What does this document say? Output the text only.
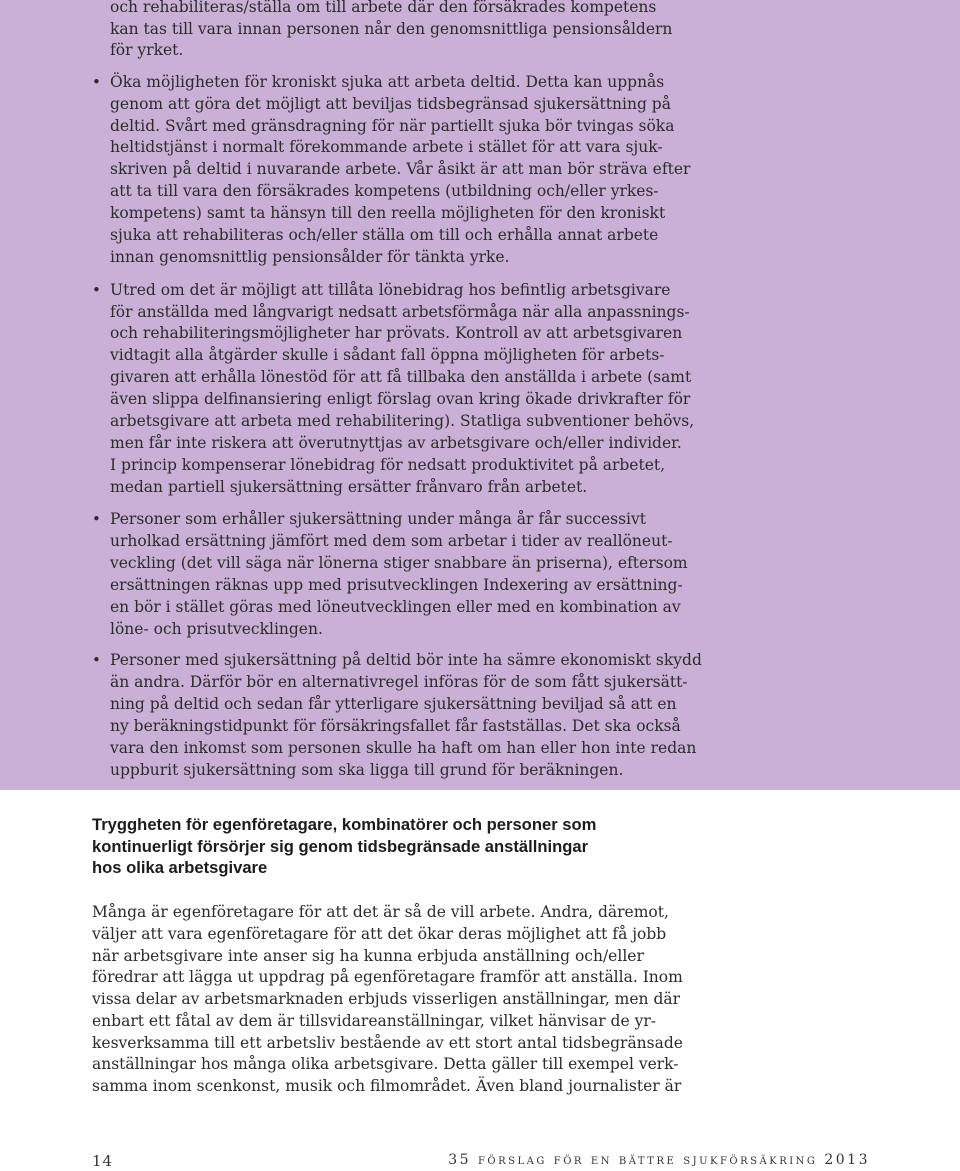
och rehabiliteras/ställa om till arbete där den försäkrades kompetens
kan tas till vara innan personen når den genomsnittliga pensionsåldern
för yrket.
• Öka möjligheten för kroniskt sjuka att arbeta deltid. Detta kan uppnås
genom att göra det möjligt att beviljas tidsbegränsad sjukersättning på
deltid. Svårt med gränsdragning för när partiellt sjuka bör tvingas söka
heltidstjänst i normalt förekommande arbete i stället för att vara sjuk-
skriven på deltid i nuvarande arbete. Vår åsikt är att man bör sträva efter
att ta till vara den försäkrades kompetens (utbildning och/eller yrkes-
kompetens) samt ta hänsyn till den reella möjligheten för den kroniskt
sjuka att rehabiliteras och/eller ställa om till och erhålla annat arbete
innan genomsnittlig pensionsålder för tänkta yrke.
• Utred om det är möjligt att tillåta lönebidrag hos befintlig arbetsgivare
för anställda med långvarigt nedsatt arbetsförmåga när alla anpassnings-
och rehabiliteringsmöjligheter har prövats. Kontroll av att arbetsgivaren
vidtagit alla åtgärder skulle i sådant fall öppna möjligheten för arbets-
givaren att erhålla lönestöd för att få tillbaka den anställda i arbete (samt
även slippa delfinansiering enligt förslag ovan kring ökade drivkrafter för
arbetsgivare att arbeta med rehabilitering). Statliga subventioner behövs,
men får inte riskera att överutnyttjas av arbetsgivare och/eller individer.
I princip kompenserar lönebidrag för nedsatt produktivitet på arbetet,
medan partiell sjukersättning ersätter frånvaro från arbetet.
• Personer som erhåller sjukersättning under många år får successivt
urholkad ersättning jämfört med dem som arbetar i tider av reallöneut-
veckling (det vill säga när lönerna stiger snabbare än priserna), eftersom
ersättningen räknas upp med prisutvecklingen Indexering av ersättning-
en bör i stället göras med löneutvecklingen eller med en kombination av
löne- och prisutvecklingen.
• Personer med sjukersättning på deltid bör inte ha sämre ekonomiskt skydd
än andra. Därför bör en alternativregel införas för de som fått sjukersätt-
ning på deltid och sedan får ytterligare sjukersättning beviljad så att en
ny beräkningstidpunkt för försäkringsfallet får fastställas. Det ska också
vara den inkomst som personen skulle ha haft om han eller hon inte redan
uppburit sjukersättning som ska ligga till grund för beräkningen.
Tryggheten för egenföretagare, kombinatörer och personer som
kontinuerligt försörjer sig genom tidsbegränsade anställningar
hos olika arbetsgivare
Många är egenföretagare för att det är så de vill arbete. Andra, däremot,
väljer att vara egenföretagare för att det ökar deras möjlighet att få jobb
när arbetsgivare inte anser sig ha kunna erbjuda anställning och/eller
föredrar att lägga ut uppdrag på egenföretagare framför att anställa. Inom
vissa delar av arbetsmarknaden erbjuds visserligen anställningar, men där
enbart ett fåtal av dem är tillsvidareanställningar, vilket hänvisar de yr-
kesverksamma till ett arbetsliv bestående av ett stort antal tidsbegränsade
anställningar hos många olika arbetsgivare. Detta gäller till exempel verk-
samma inom scenkonst, musik och filmområdet. Även bland journalister är
14	35 förslag för en bättre sjukförsäkring 2013
